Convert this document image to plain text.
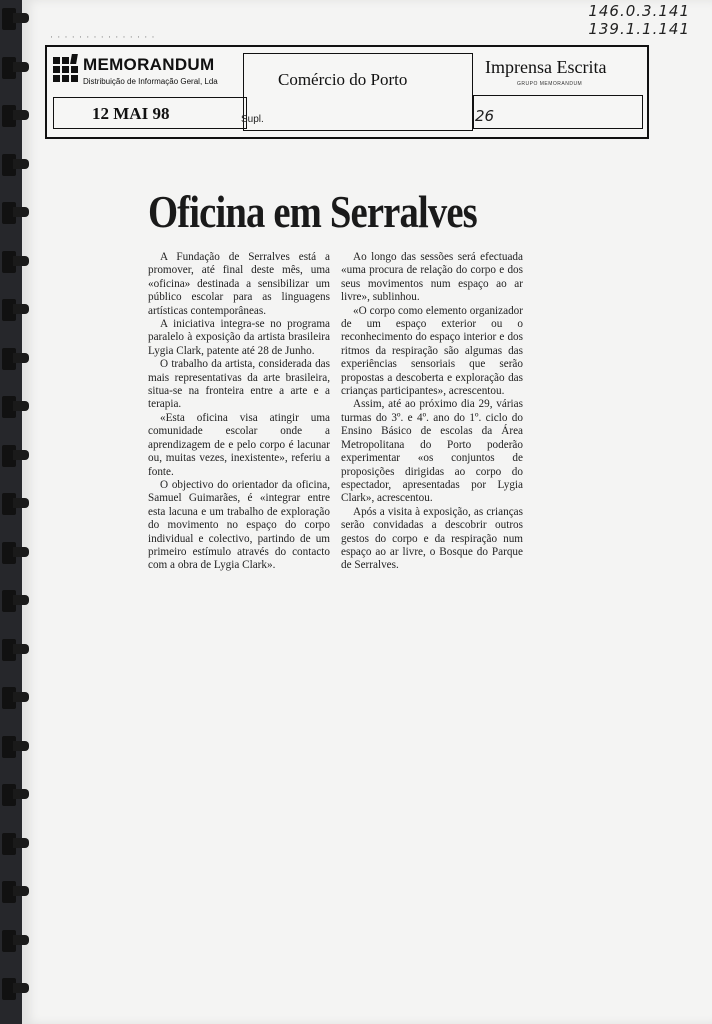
146.0.3.141
139.1.1.141
· · · · · · · · · · · · · · ·
MEMORANDUM
Distribuição de Informação Geral, Lda
12 MAI 98
Comércio do Porto
Supl.
Imprensa Escrita
GRUPO MEMORANDUM
26
Oficina em Serralves

A Fundação de Serralves está a promover, até final deste mês, uma «oficina» destinada a sensibilizar um público escolar para as linguagens artísticas contemporâneas.

A iniciativa integra-se no programa paralelo à exposição da artista brasileira Lygia Clark, patente até 28 de Junho.

O trabalho da artista, considerada das mais representativas da arte brasileira, situa-se na fronteira entre a arte e a terapia.

«Esta oficina visa atingir uma comunidade escolar onde a aprendizagem de e pelo corpo é lacunar ou, muitas vezes, inexistente», referiu a fonte.

O objectivo do orientador da oficina, Samuel Guimarães, é «integrar entre esta lacuna e um trabalho de exploração do movimento no espaço do corpo individual e colectivo, partindo de um primeiro estímulo através do contacto com a obra de Lygia Clark».

Ao longo das sessões será efectuada «uma procura de relação do corpo e dos seus movimentos num espaço ao ar livre», sublinhou.

«O corpo como elemento organizador de um espaço exterior ou o reconhecimento do espaço interior e dos ritmos da respiração são algumas das experiências sensoriais que serão propostas a descoberta e exploração das crianças participantes», acrescentou.

Assim, até ao próximo dia 29, várias turmas do 3º. e 4º. ano do 1º. ciclo do Ensino Básico de escolas da Área Metropolitana do Porto poderão experimentar «os conjuntos de proposições dirigidas ao corpo do espectador, apresentadas por Lygia Clark», acrescentou.

Após a visita à exposição, as crianças serão convidadas a descobrir outros gestos do corpo e da respiração num espaço ao ar livre, o Bosque do Parque de Serralves.
